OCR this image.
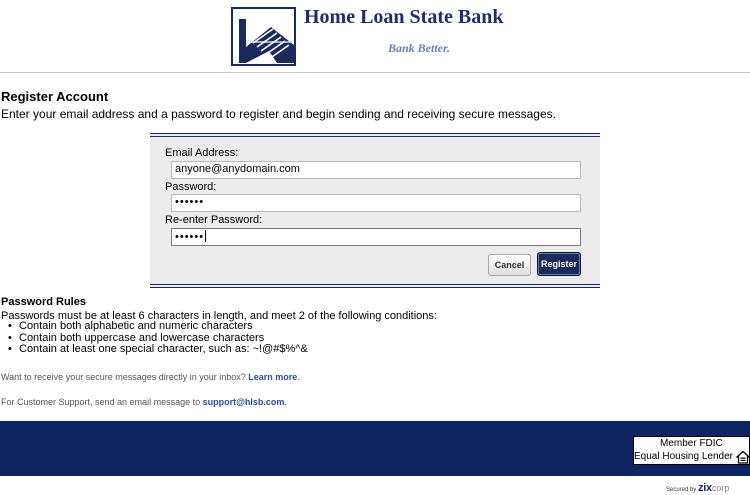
Home Loan State Bank
Bank Better.
Register Account
Enter your email address and a password to register and begin sending and receiving secure messages.
Email Address:
anyone@anydomain.com
Password:
••••••
Re-enter Password:
••••••
Cancel	Register
Password Rules
Passwords must be at least 6 characters in length, and meet 2 of the following conditions:
• Contain both alphabetic and numeric characters
• Contain both uppercase and lowercase characters
• Contain at least one special character, such as: ~!@#$%^&
Want to receive your secure messages directly in your inbox? Learn more.
For Customer Support, send an email message to support@hlsb.com.
Member FDIC
Equal Housing Lender
Secured by zixcorp
